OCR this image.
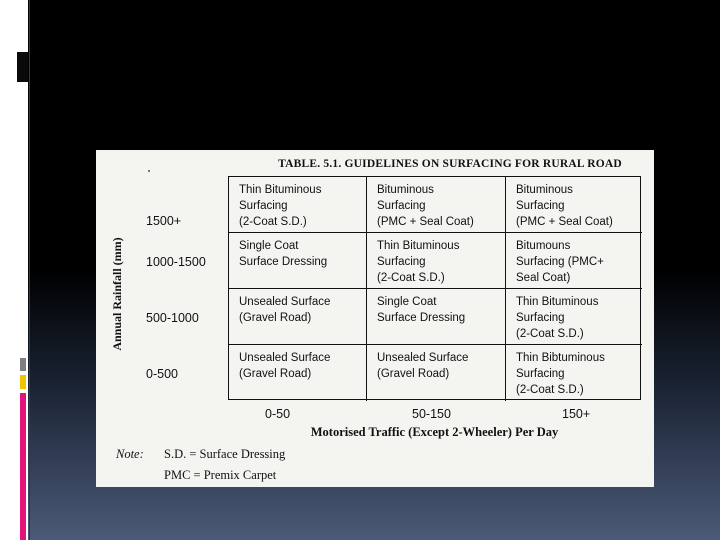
TABLE. 5.1. GUIDELINES ON SURFACING FOR RURAL ROAD
Annual Rainfall (mm)
1500+
1000-1500
500-1000
0-500
Thin Bituminous
Surfacing
(2-Coat S.D.)
Bituminous
Surfacing
(PMC + Seal Coat)
Bituminous
Surfacing
(PMC + Seal Coat)
Single Coat
Surface Dressing
Thin Bituminous
Surfacing
(2-Coat S.D.)
Bitumouns
Surfacing (PMC+
Seal Coat)
Unsealed Surface
(Gravel Road)
Single Coat
Surface Dressing
Thin Bituminous
Surfacing
(2-Coat S.D.)
Unsealed Surface
(Gravel Road)
Unsealed Surface
(Gravel Road)
Thin Bibtuminous
Surfacing
(2-Coat S.D.)
0-50	50-150	150+
Motorised Traffic (Except 2-Wheeler) Per Day
Note: S.D. = Surface Dressing
PMC = Premix Carpet
